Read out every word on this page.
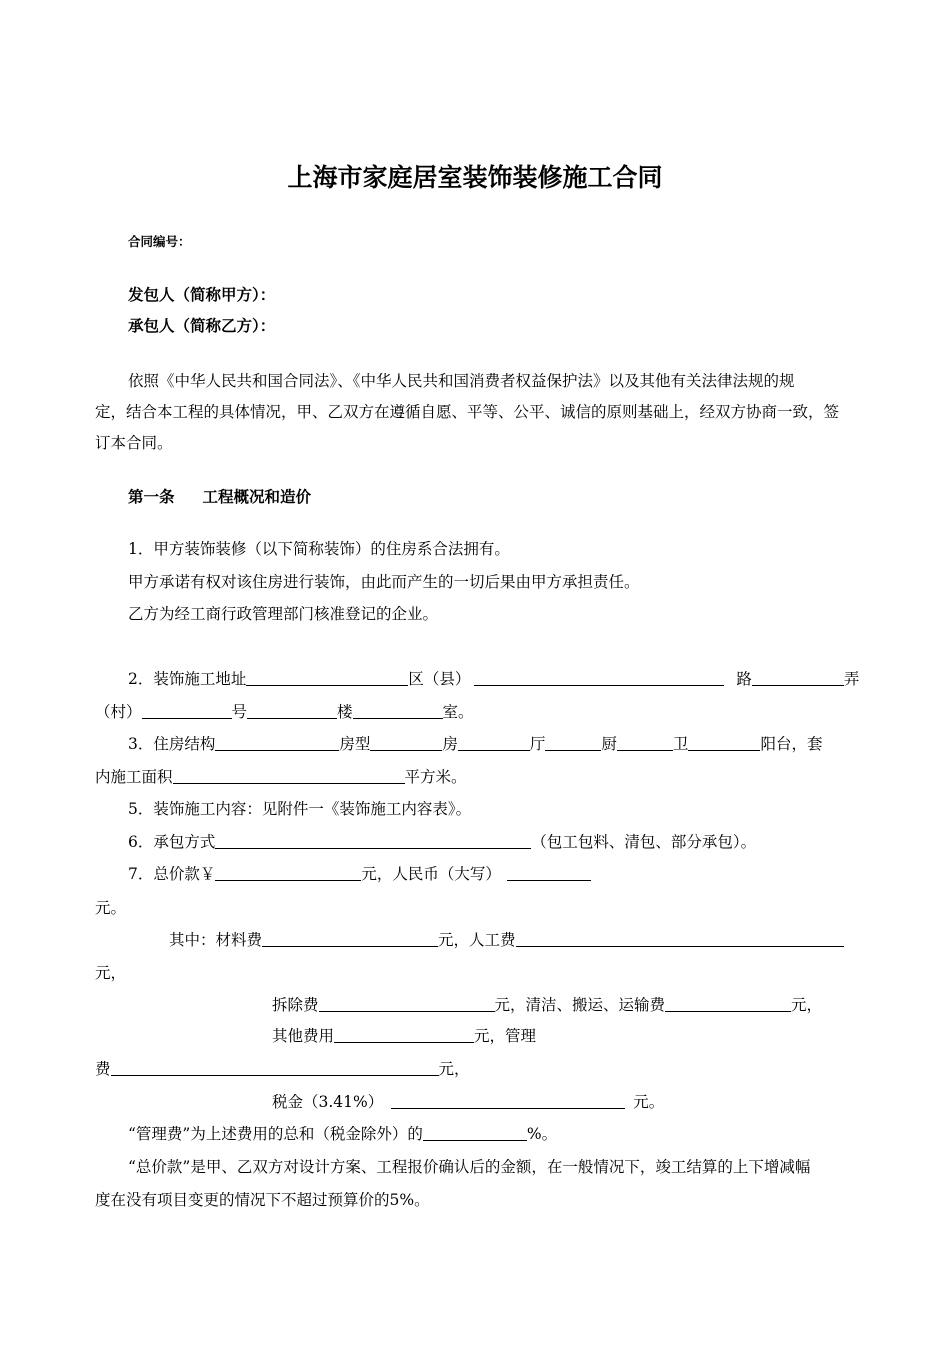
上海市家庭居室装饰装修施工合同
合同编号：
发包人（简称甲方）：
承包人（简称乙方）：
依照《中华人民共和国合同法》、《中华人民共和国消费者权益保护法》以及其他有关法律法规的规
定，结合本工程的具体情况，甲、乙双方在遵循自愿、平等、公平、诚信的原则基础上，经双方协商一致，签
订本合同。
第一条 工程概况和造价
1．甲方装饰装修（以下简称装饰）的住房系合法拥有。
甲方承诺有权对该住房进行装饰，由此而产生的一切后果由甲方承担责任。
乙方为经工商行政管理部门核准登记的企业。
2．装饰施工地址	区（县）	路	弄
（村）	号	楼	室。
3．住房结构	房型	房	厅	厨	卫	阳台，套
内施工面积	平方米。
5．装饰施工内容：见附件一《装饰施工内容表》。
6．承包方式	（包工包料、清包、部分承包）。
7．总价款￥	元，人民币（大写）
元。
其中：材料费	元，人工费
元，
拆除费	元，清洁、搬运、运输费	元，
其他费用	元，管理
费	元，
税金（3.41%）	元。
“管理费”为上述费用的总和（税金除外）的	%。
“总价款”是甲、乙双方对设计方案、工程报价确认后的金额，在一般情况下，竣工结算的上下增减幅
度在没有项目变更的情况下不超过预算价的5%。
